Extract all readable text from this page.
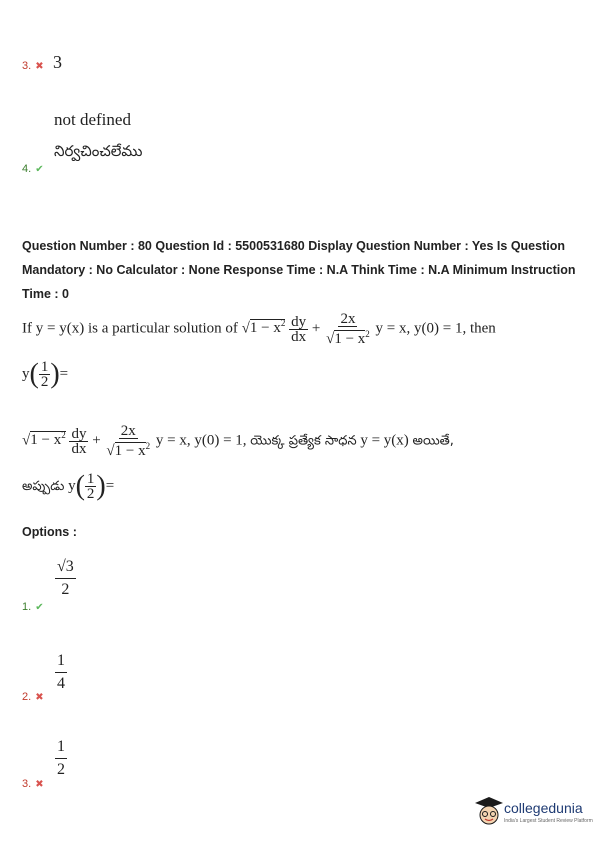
3. ✖ 3
not defined
నిర్వచించలేము
4. ✔
Question Number : 80 Question Id : 5500531680 Display Question Number : Yes Is Question Mandatory : No Calculator : None Response Time : N.A Think Time : N.A Minimum Instruction Time : 0
If y = y(x) is a particular solution of $√1 - x^2 \frac{dy}{dx} + \frac{2x}{√1 - x^2}$ y = x, y(0) = 1, then
$y( \frac{1}{2}$ )=
$√1 - x^2 \frac{dy}{dx} + \frac{2x}{√1 - x^2}$ y = x, y(0) = 1, యొక్క ప్రత్యేక సాధన y = y(x) అయితే,
అప్పుడు $y( \frac{1}{2}$ )=
Options :
$\frac{√3}{2}$
1. ✔
$\frac{1}{4}$
2. ✖
$\frac{1}{2}$
3. ✖
collegedunia
India's Largest Student Review Platform
